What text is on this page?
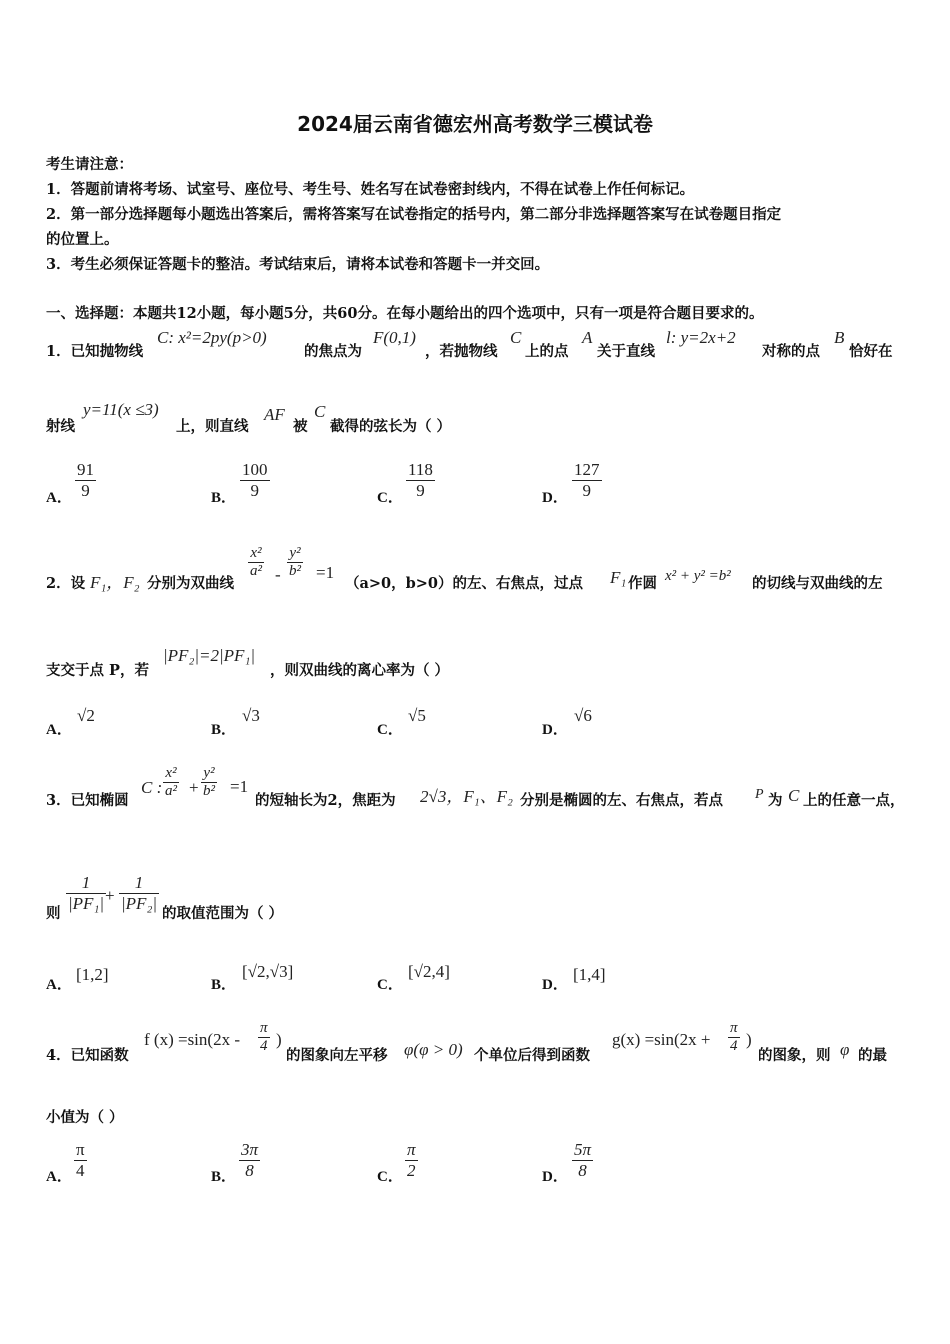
2024届云南省德宏州高考数学三模试卷
考生请注意：
1．答题前请将考场、试室号、座位号、考生号、姓名写在试卷密封线内，不得在试卷上作任何标记。
2．第一部分选择题每小题选出答案后，需将答案写在试卷指定的括号内，第二部分非选择题答案写在试卷题目指定
的位置上。
3．考生必须保证答题卡的整洁。考试结束后，请将本试卷和答题卡一并交回。
一、选择题：本题共12小题，每小题5分，共60分。在每小题给出的四个选项中，只有一项是符合题目要求的。
1．已知抛物线
C: x²=2py(p>0)
的焦点为
F(0,1)
，若抛物线
C
上的点
A
关于直线
l: y=2x+2
对称的点
B
恰好在
射线
y=11(x ≤3)
上，则直线
AF
被
C
截得的弦长为（ ）
A． $\frac{91}{9}$	B． $\frac{100}{9}$	C． $\frac{118}{9}$	D． $\frac{127}{9}$
2．设 F₁，F₂ 分别为双曲线
$\frac{\text{x²}}{\text{a²}} - \frac{\text{y²}}{\text{b²}} =1$
（a>0，b>0）的左、右焦点，过点 F₁ 作圆 x² + y² =b² 的切线与双曲线的左
支交于点 P，若
|PF₂|=2|PF₁|
，则双曲线的离心率为（ ）
A．
√2
B．
√3
C．
√5
D．
√6
3．已知椭圆
C : $\frac{\text{x²}}{\text{a²}} + \frac{\text{y²}}{\text{b²}} =1$
的短轴长为2，焦距为 2√3，F₁、F₂ 分别是椭圆的左、右焦点，若点 P 为 C 上的任意一点，
则 $\frac{1}{\text{|PF₁|}}$
+ $\frac{1}{\text{|PF₂|}}$ 的取值范围为（ ）
A．
[1,2]
B．
[√2,√3]
C．
[√2,4]
D．
[1,4]
4．已知函数
f $(x) =\sin(2x - \frac{\pi}{4}$ )
的图象向左平移 φ(φ > 0) 个单位后得到函数
$g(x) =\sin(2x + \frac{\pi}{4}$ )
的图象，则 φ 的最
小值为（ ）
A． $\frac{\pi}{4}$	B． $\frac{3\pi}{8}$	C． $\frac{\pi}{2}$	D． $\frac{5\pi}{8}$
